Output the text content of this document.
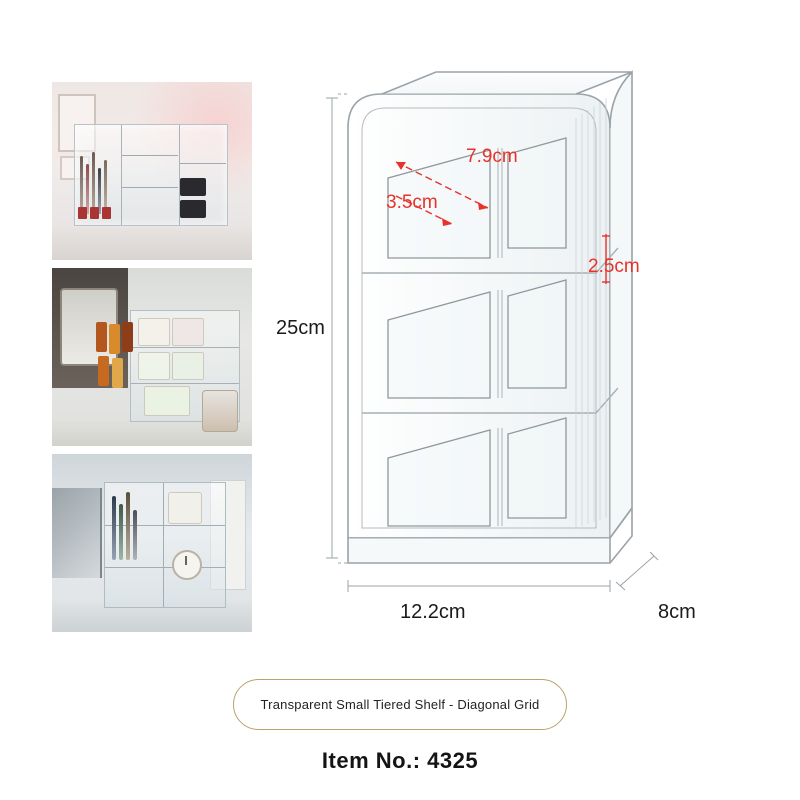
7.9cm
3.5cm
2.5cm
25cm
12.2cm	8cm
Transparent Small Tiered Shelf - Diagonal Grid
Item No.: 4325
